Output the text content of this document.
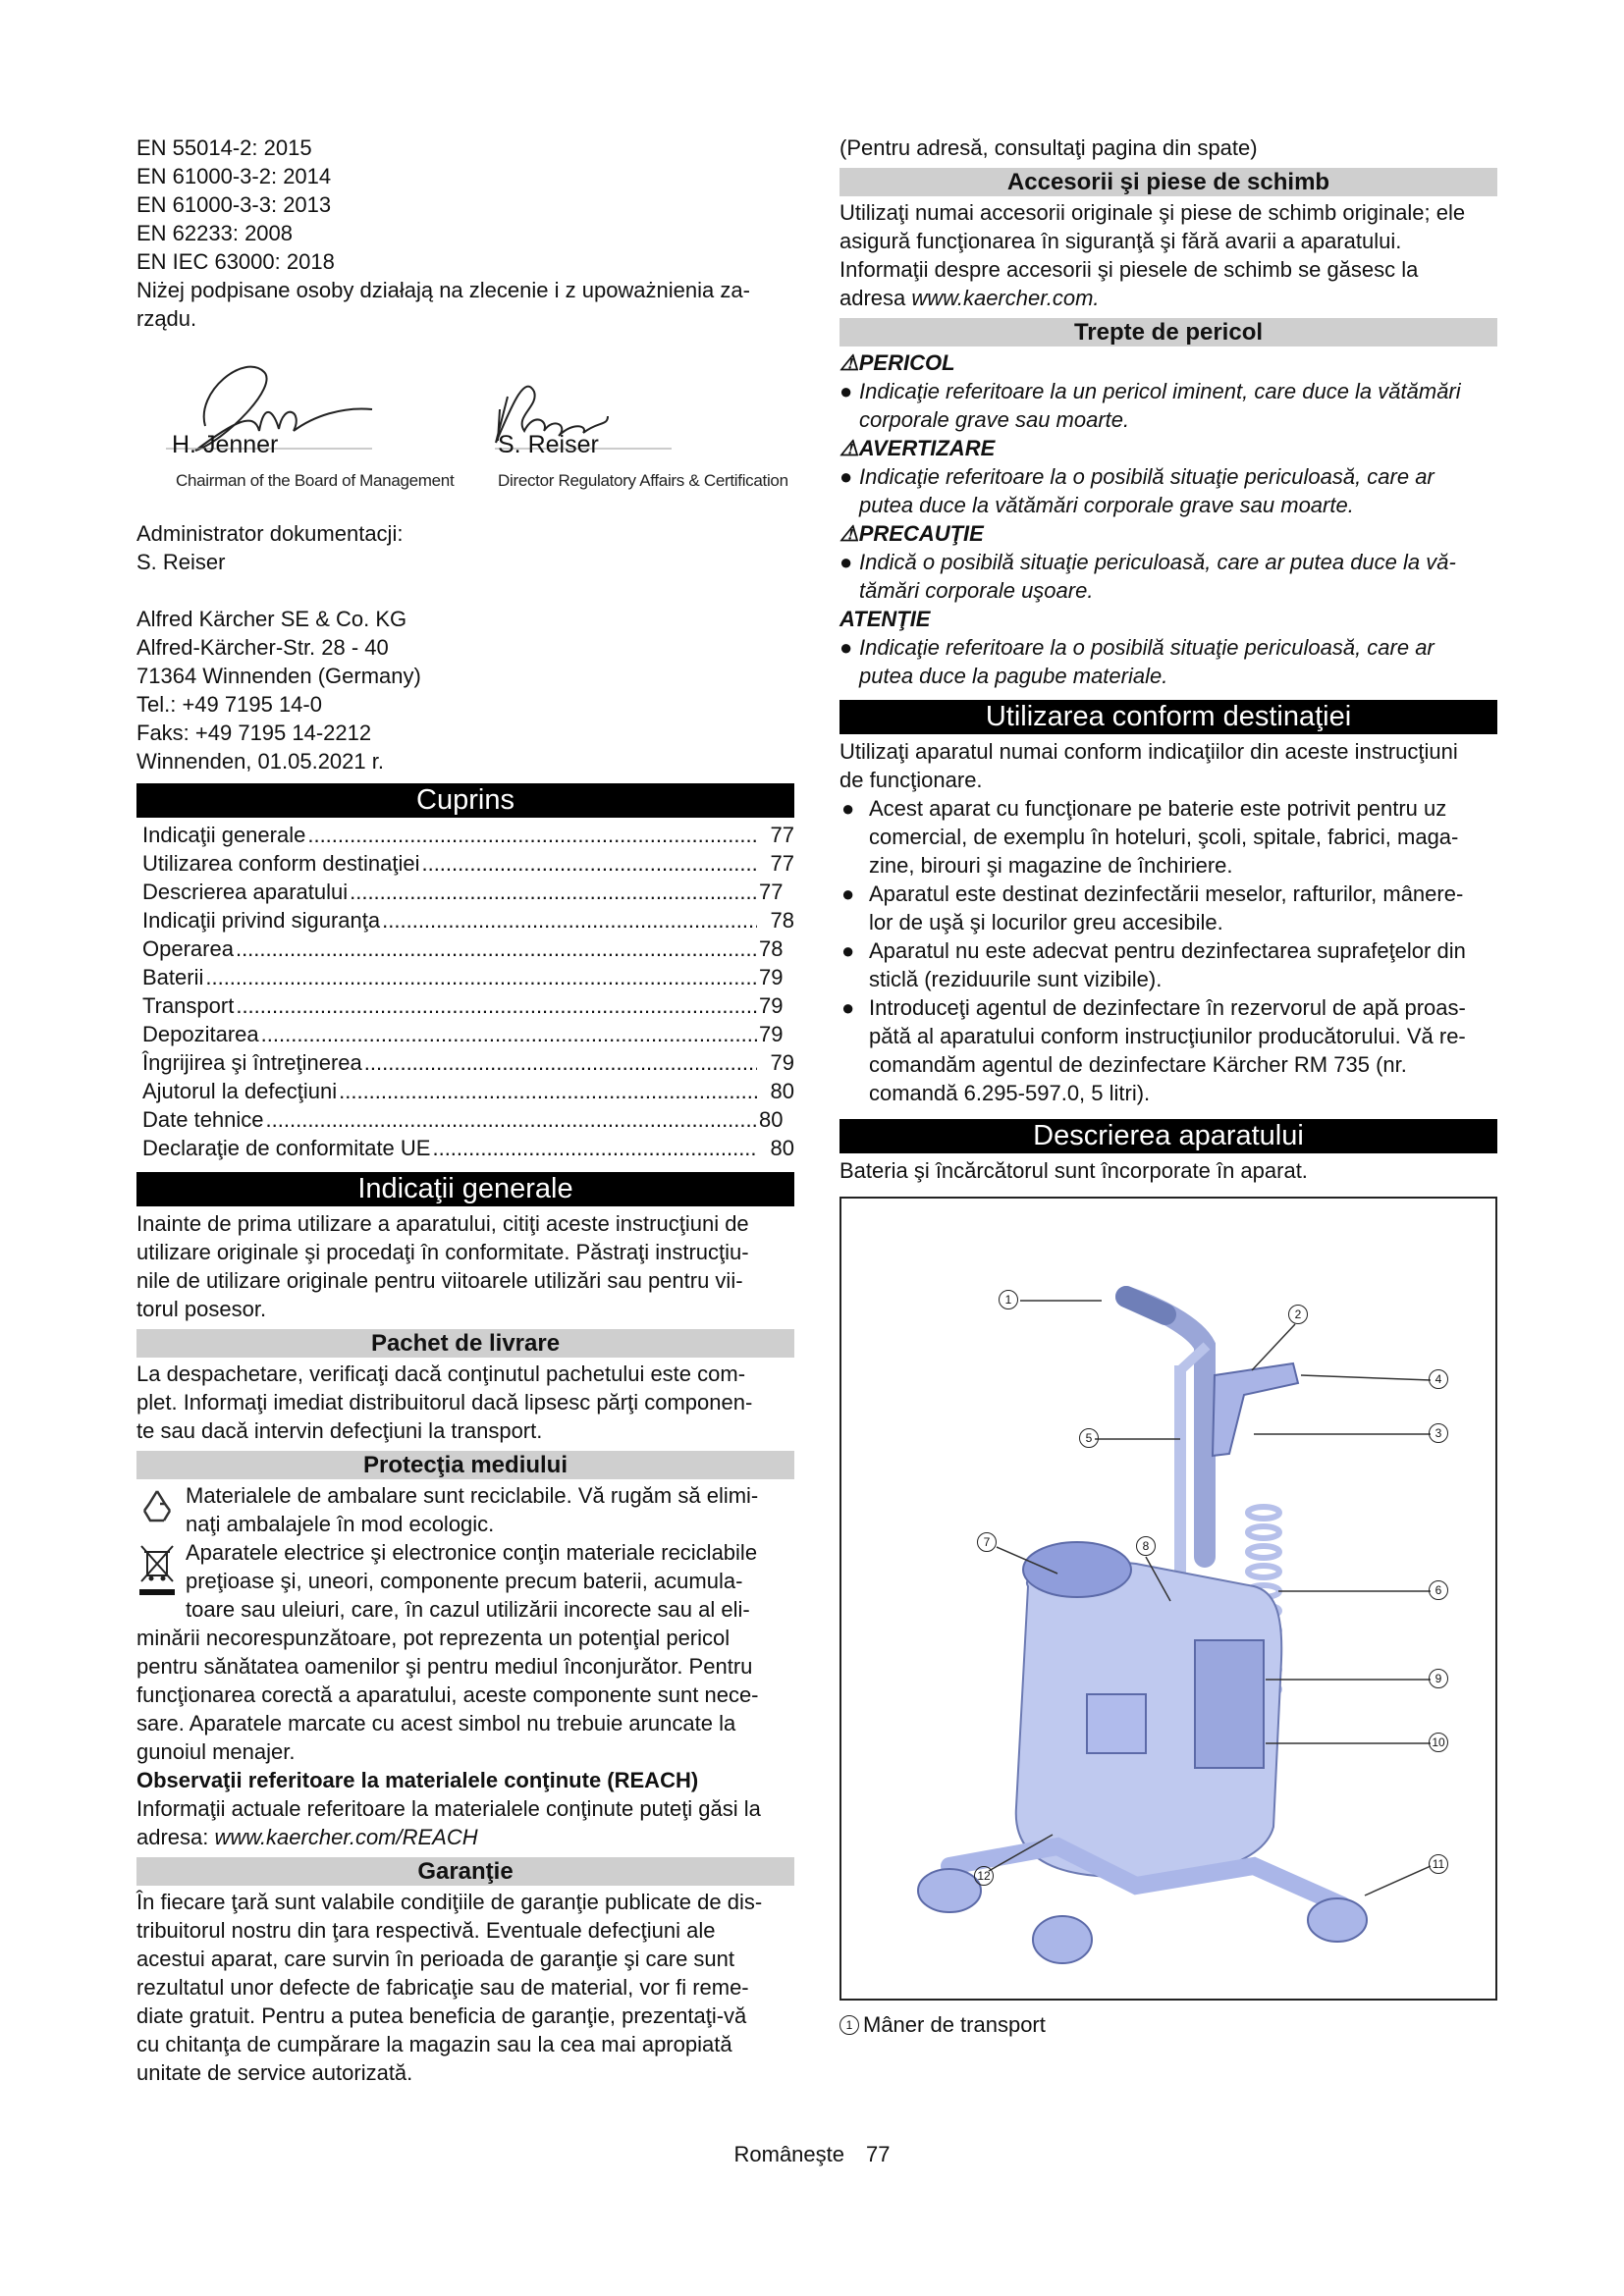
EN 55014-2: 2015
EN 61000-3-2: 2014
EN 61000-3-3: 2013
EN 62233: 2008
EN IEC 63000: 2018
Niżej podpisane osoby działają na zlecenie i z upoważnienia za-
rządu.
H. Jenner
Chairman of the Board of Management
S. Reiser
Director Regulatory Affairs & Certification
Administrator dokumentacji:
S. Reiser
Alfred Kärcher SE & Co. KG
Alfred-Kärcher-Str. 28 - 40
71364 Winnenden (Germany)
Tel.: +49 7195 14-0
Faks: +49 7195 14-2212
Winnenden, 01.05.2021 r.
Cuprins
Indicaţii generale .....	77
Utilizarea conform destinaţiei .....	77
Descrierea aparatului .....	77
Indicaţii privind siguranţa .....	78
Operarea .....	78
Baterii .....	79
Transport .....	79
Depozitarea .....	79
Îngrijirea şi întreţinerea .....	79
Ajutorul la defecţiuni .....	80
Date tehnice .....	80
Declaraţie de conformitate UE .....	80
Indicaţii generale
Inainte de prima utilizare a aparatului, citiţi aceste instrucţiuni de
utilizare originale şi procedaţi în conformitate. Păstraţi instrucţiu-
nile de utilizare originale pentru viitoarele utilizări sau pentru vii-
torul posesor.
Pachet de livrare
La despachetare, verificaţi dacă conţinutul pachetului este com-
plet. Informaţi imediat distribuitorul dacă lipsesc părţi componen-
te sau dacă intervin defecţiuni la transport.
Protecţia mediului
Materialele de ambalare sunt reciclabile. Vă rugăm să elimi-
naţi ambalajele în mod ecologic.
Aparatele electrice şi electronice conţin materiale reciclabile
preţioase şi, uneori, componente precum baterii, acumula-
toare sau uleiuri, care, în cazul utilizării incorecte sau al eli-
minării necorespunzătoare, pot reprezenta un potenţial pericol
pentru sănătatea oamenilor şi pentru mediul înconjurător. Pentru
funcţionarea corectă a aparatului, aceste componente sunt nece-
sare. Aparatele marcate cu acest simbol nu trebuie aruncate la
gunoiul menajer.
Observaţii referitoare la materialele conţinute (REACH)
Informaţii actuale referitoare la materialele conţinute puteţi găsi la
adresa: www.kaercher.com/REACH
Garanţie
În fiecare ţară sunt valabile condiţiile de garanţie publicate de dis-
tribuitorul nostru din ţara respectivă. Eventuale defecţiuni ale
acestui aparat, care survin în perioada de garanţie şi care sunt
rezultatul unor defecte de fabricaţie sau de material, vor fi reme-
diate gratuit. Pentru a putea beneficia de garanţie, prezentaţi-vă
cu chitanţa de cumpărare la magazin sau la cea mai apropiată
unitate de service autorizată.
(Pentru adresă, consultaţi pagina din spate)
Accesorii şi piese de schimb
Utilizaţi numai accesorii originale şi piese de schimb originale; ele
asigură funcţionarea în siguranţă şi fără avarii a aparatului.
Informaţii despre accesorii şi piesele de schimb se găsesc la
adresa www.kaercher.com.
Trepte de pericol
⚠PERICOL
● Indicaţie referitoare la un pericol iminent, care duce la vătămări
corporale grave sau moarte.
⚠AVERTIZARE
● Indicaţie referitoare la o posibilă situaţie periculoasă, care ar
putea duce la vătămări corporale grave sau moarte.
⚠PRECAUŢIE
● Indică o posibilă situaţie periculoasă, care ar putea duce la vă-
tămări corporale uşoare.
ATENŢIE
● Indicaţie referitoare la o posibilă situaţie periculoasă, care ar
putea duce la pagube materiale.
Utilizarea conform destinaţiei
Utilizaţi aparatul numai conform indicaţiilor din aceste instrucţiuni
de funcţionare.
● Acest aparat cu funcţionare pe baterie este potrivit pentru uz
comercial, de exemplu în hoteluri, şcoli, spitale, fabrici, maga-
zine, birouri şi magazine de închiriere.
● Aparatul este destinat dezinfectării meselor, rafturilor, mânere-
lor de uşă şi locurilor greu accesibile.
● Aparatul nu este adecvat pentru dezinfectarea suprafeţelor din
sticlă (reziduurile sunt vizibile).
● Introduceţi agentul de dezinfectare în rezervorul de apă proas-
pătă al aparatului conform instrucţiunilor producătorului. Vă re-
comandăm agentul de dezinfectare Kärcher RM 735 (nr.
comandă 6.295-597.0, 5 litri).
Descrierea aparatului
Bateria şi încărcătorul sunt încorporate în aparat.
1
2
5
4
3
6
7	8
9
10
11
12
1 Mâner de transport
Româneşte 77
